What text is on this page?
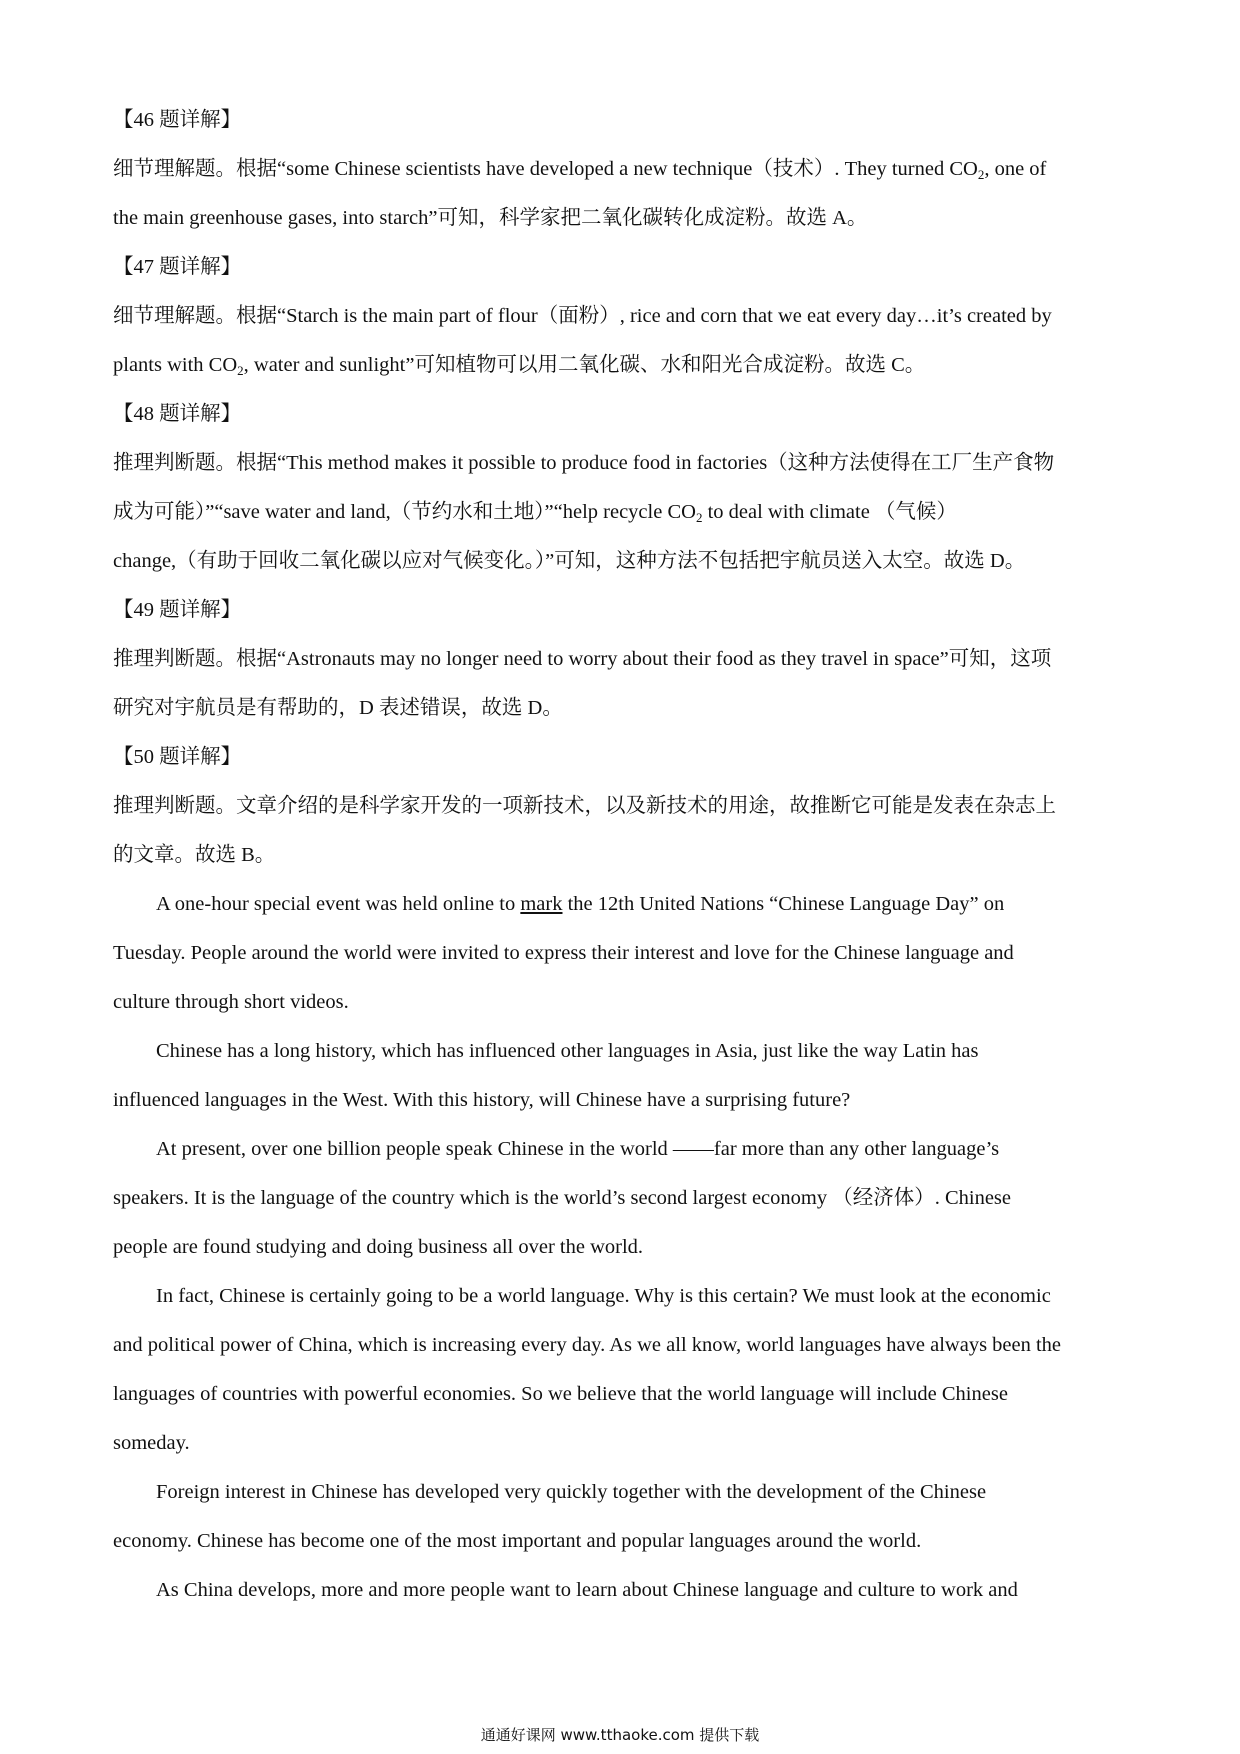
【46 题详解】
细节理解题。根据“some Chinese scientists have developed a new technique（技术）. They turned $CO_2$, one of
the main greenhouse gases, into starch”可知，科学家把二氧化碳转化成淀粉。故选 A。
【47 题详解】
细节理解题。根据“Starch is the main part of flour（面粉）, rice and corn that we eat every day…it’s created by
plants with $CO_2$, water and sunlight”可知植物可以用二氧化碳、水和阳光合成淀粉。故选 C。
【48 题详解】
推理判断题。根据“This method makes it possible to produce food in factories（这种方法使得在工厂生产食物
成为可能）”“save water and land,（节约水和土地）”“help recycle $CO_2$ to deal with climate （气候）
change,（有助于回收二氧化碳以应对气候变化。）”可知，这种方法不包括把宇航员送入太空。故选 D。
【49 题详解】
推理判断题。根据“Astronauts may no longer need to worry about their food as they travel in space”可知，这项
研究对宇航员是有帮助的，D 表述错误，故选 D。
【50 题详解】
推理判断题。文章介绍的是科学家开发的一项新技术，以及新技术的用途，故推断它可能是发表在杂志上
的文章。故选 B。
A one-hour special event was held online to mark the 12th United Nations “Chinese Language Day” on
Tuesday. People around the world were invited to express their interest and love for the Chinese language and
culture through short videos.
Chinese has a long history, which has influenced other languages in Asia, just like the way Latin has
influenced languages in the West. With this history, will Chinese have a surprising future?
At present, over one billion people speak Chinese in the world ——far more than any other language’s
speakers. It is the language of the country which is the world’s second largest economy （经济体）. Chinese
people are found studying and doing business all over the world.
In fact, Chinese is certainly going to be a world language. Why is this certain? We must look at the economic
and political power of China, which is increasing every day. As we all know, world languages have always been the
languages of countries with powerful economies. So we believe that the world language will include Chinese
someday.
Foreign interest in Chinese has developed very quickly together with the development of the Chinese
economy. Chinese has become one of the most important and popular languages around the world.
As China develops, more and more people want to learn about Chinese language and culture to work and
通通好课网 www.tthaoke.com 提供下载
